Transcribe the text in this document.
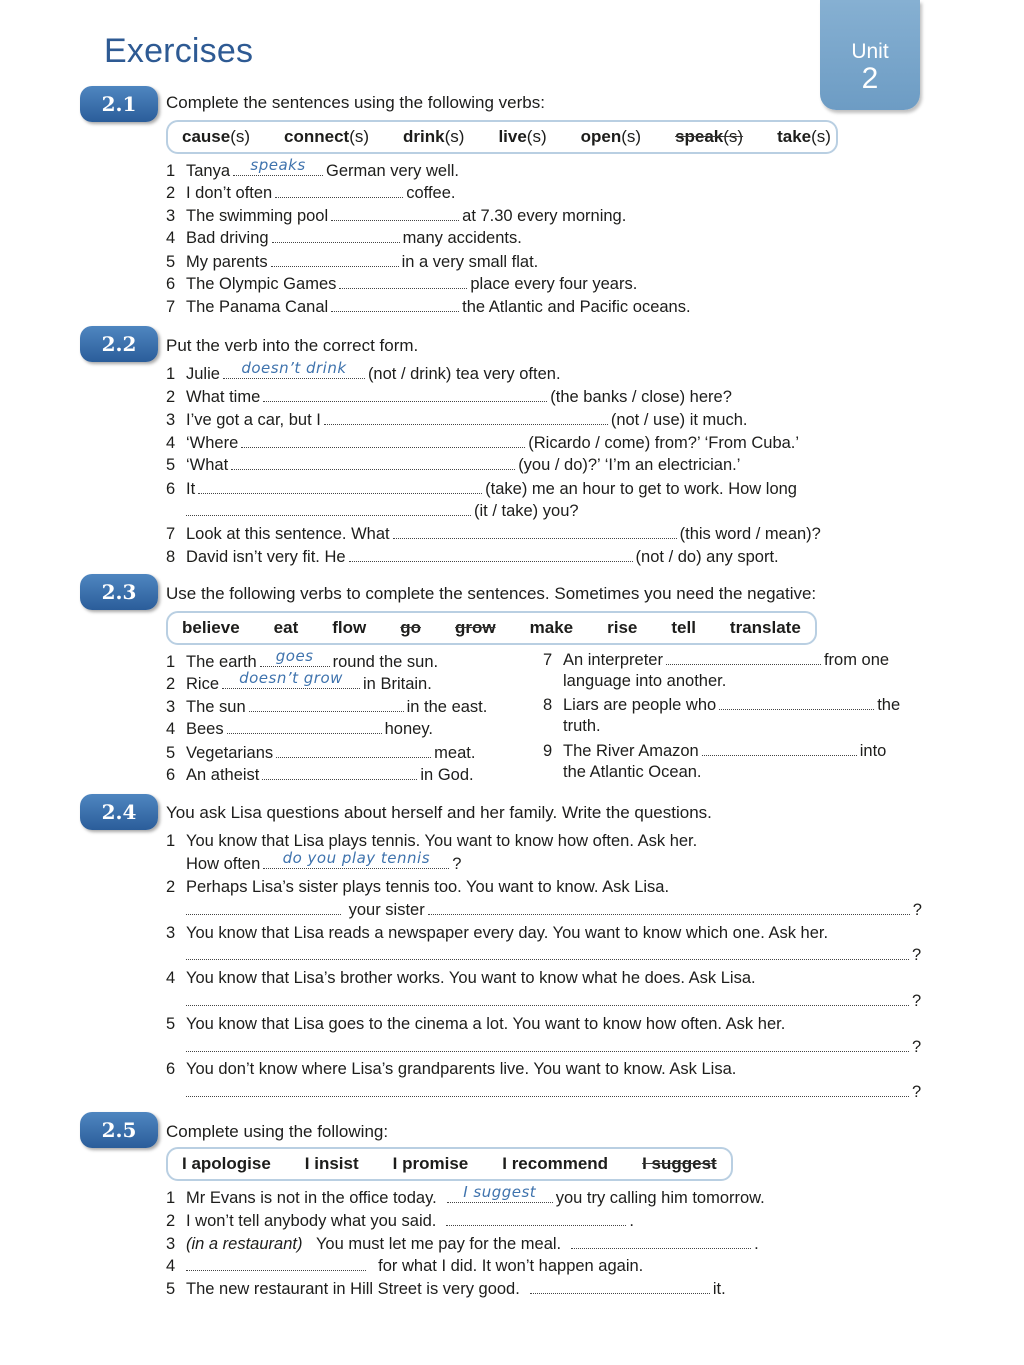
Exercises	Unit
2
2.1	Complete the sentences using the following verbs:
cause(s) connect(s) drink(s) live(s) open(s) speak(s) take(s)
1 Tanya	speaks	German very well.
2 I don’t often	coffee.
3 The swimming pool	at 7.30 every morning.
4 Bad driving	many accidents.
5 My parents	in a very small flat.
6 The Olympic Games	place every four years.
7 The Panama Canal	the Atlantic and Pacific oceans.
2.2	Put the verb into the correct form.
1 Julie	doesn’t drink	(not / drink) tea very often.
2 What time	(the banks / close) here?
3 I’ve got a car, but I	(not / use) it much.
4 ‘Where	(Ricardo / come) from?’ ‘From Cuba.’
5 ‘What	(you / do)?’ ‘I’m an electrician.’
6 It	(take) me an hour to get to work. How long
(it / take) you?
7 Look at this sentence. What	(this word / mean)?
8 David isn’t very fit. He	(not / do) any sport.
2.3	Use the following verbs to complete the sentences. Sometimes you need the negative:
believe eat flow go grow make rise tell translate
1 The earth	goes	round the sun.
2 Rice	doesn’t grow	in Britain.
3 The sun	in the east.
4 Bees	honey.
5 Vegetarians	meat.
6 An atheist	in God.
7 An interpreter	from one
language into another.
8 Liars are people who	the
truth.
9 The River Amazon	into
the Atlantic Ocean.
2.4	You ask Lisa questions about herself and her family. Write the questions.
1 You know that Lisa plays tennis. You want to know how often. Ask her.
How often	do you play tennis	?
2 Perhaps Lisa’s sister plays tennis too. You want to know. Ask Lisa.
your sister	?
3 You know that Lisa reads a newspaper every day. You want to know which one. Ask her.
?
4 You know that Lisa’s brother works. You want to know what he does. Ask Lisa.
?
5 You know that Lisa goes to the cinema a lot. You want to know how often. Ask her.
?
6 You don’t know where Lisa’s grandparents live. You want to know. Ask Lisa.
?
2.5	Complete using the following:
I apologise I insist I promise I recommend I suggest
1 Mr Evans is not in the office today.	I suggest	you try calling him tomorrow.
2 I won’t tell anybody what you said.	.
3 (in a restaurant) You must let me pay for the meal.	.
4	for what I did. It won’t happen again.
5 The new restaurant in Hill Street is very good.	it.
